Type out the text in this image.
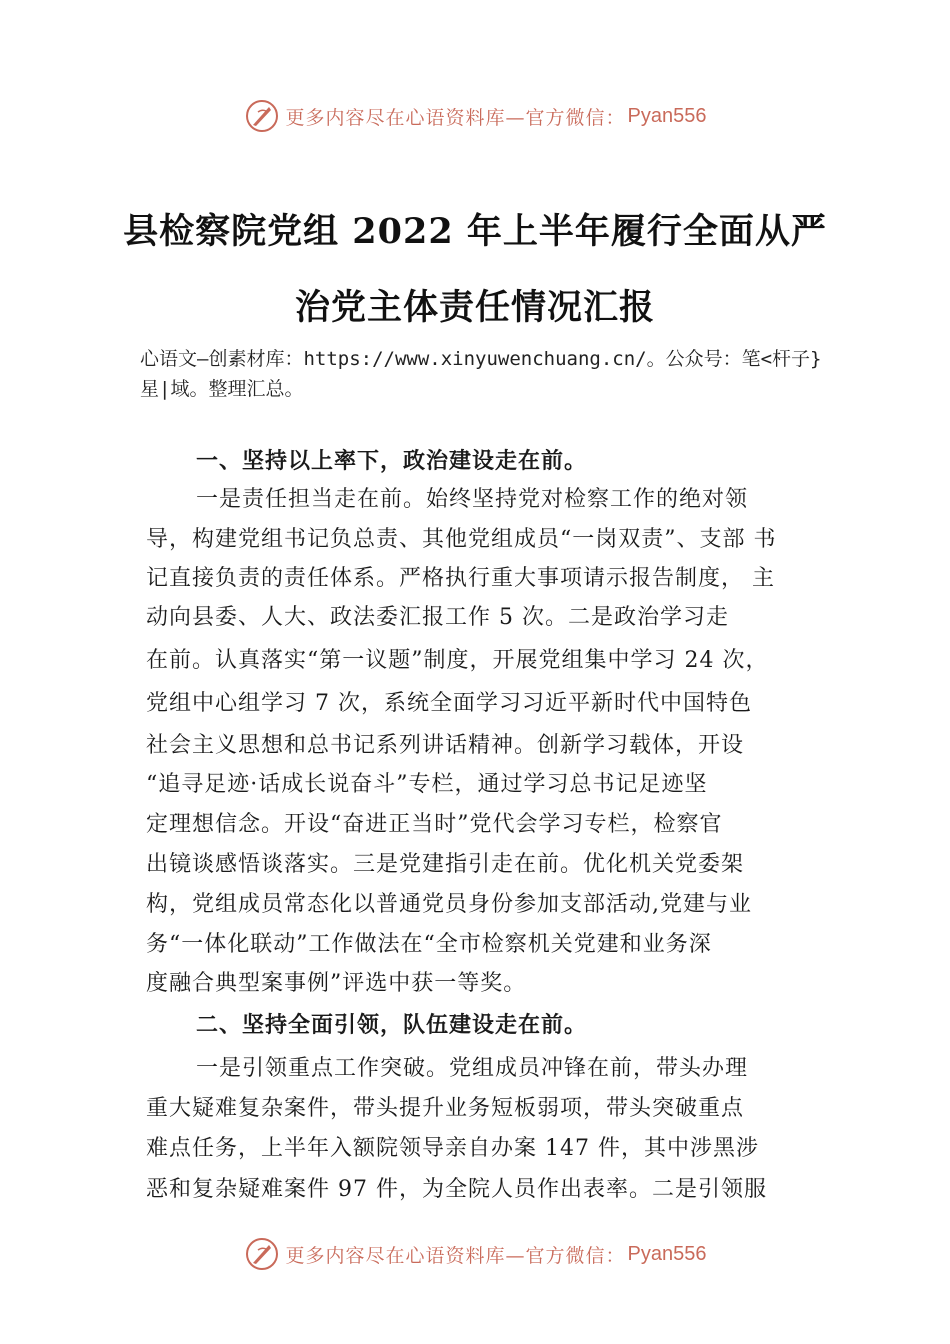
更多内容尽在心语资料库—官方微信： Pyan556
县检察院党组 2022 年上半年履行全面从严
治党主体责任情况汇报
心语文—创素材库：https://www.xinyuwenchuang.cn/。公众号：笔<杆子}星|域。整理汇总。
一、坚持以上率下，政治建设走在前。
一是责任担当走在前。始终坚持党对检察工作的绝对领
导，构建党组书记负总责、其他党组成员“一岗双责”、支部 书
记直接负责的责任体系。严格执行重大事项请示报告制度， 主
动向县委、人大、政法委汇报工作 5 次。二是政治学习走
在前。认真落实“第一议题”制度，开展党组集中学习 24 次，
党组中心组学习 7 次，系统全面学习习近平新时代中国特色
社会主义思想和总书记系列讲话精神。创新学习载体，开设
“追寻足迹·话成长说奋斗”专栏，通过学习总书记足迹坚
定理想信念。开设“奋进正当时”党代会学习专栏，检察官
出镜谈感悟谈落实。三是党建指引走在前。优化机关党委架
构，党组成员常态化以普通党员身份参加支部活动,党建与业
务“一体化联动”工作做法在“全市检察机关党建和业务深
度融合典型案事例”评选中获一等奖。
二、坚持全面引领，队伍建设走在前。
一是引领重点工作突破。党组成员冲锋在前，带头办理
重大疑难复杂案件，带头提升业务短板弱项，带头突破重点
难点任务，上半年入额院领导亲自办案 147 件，其中涉黑涉
恶和复杂疑难案件 97 件，为全院人员作出表率。二是引领服
更多内容尽在心语资料库—官方微信： Pyan556
